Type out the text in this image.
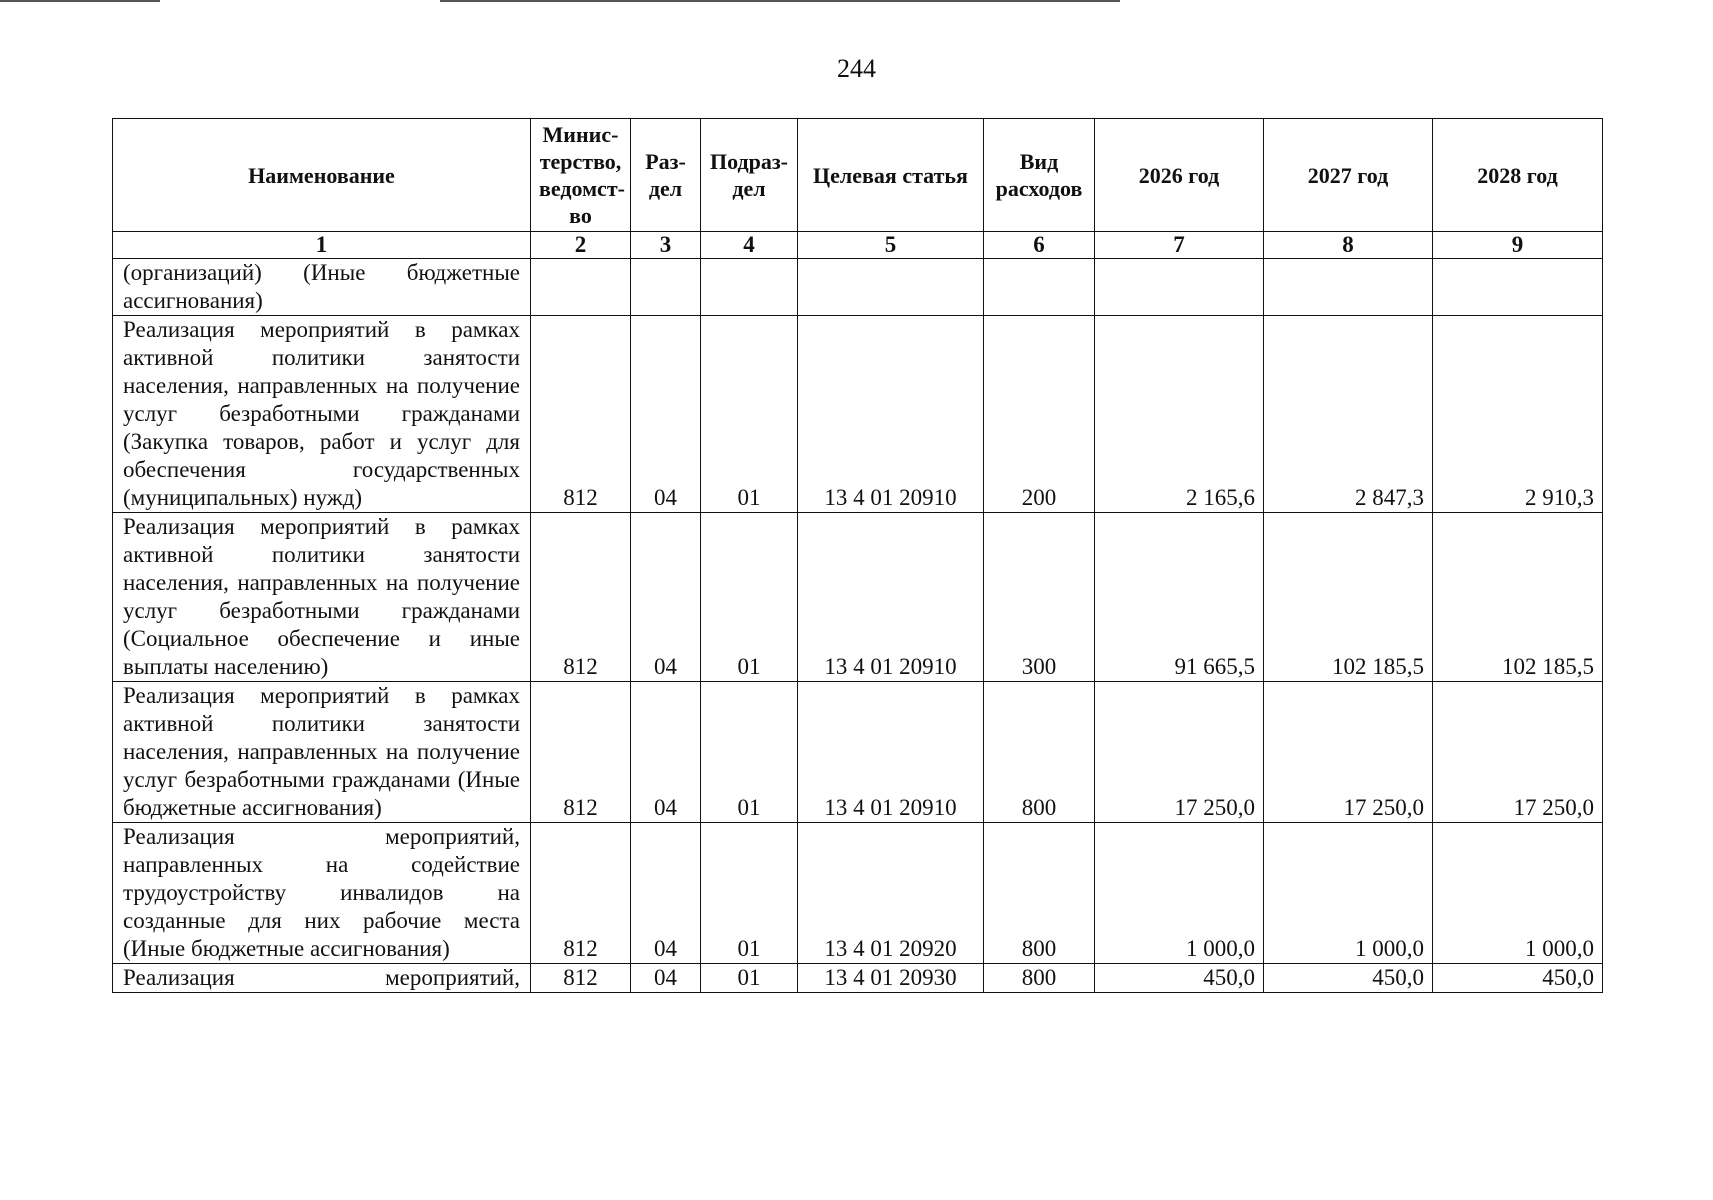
244
Наименование	Минис-терство, ведомст-во	Раз-дел	Подраз-дел	Целевая статья	Вид расходов	2026 год	2027 год	2028 год
1	2	3	4	5	6	7	8	9
(организаций) (Иные бюджетные ассигнования)								
Реализация мероприятий в рамках активной политики занятости населения, направленных на получение услуг безработными гражданами (Закупка товаров, работ и услуг для обеспечения государственных (муниципальных) нужд)	812	04	01	13 4 01 20910	200	2 165,6	2 847,3	2 910,3
Реализация мероприятий в рамках активной политики занятости населения, направленных на получение услуг безработными гражданами (Социальное обеспечение и иные выплаты населению)	812	04	01	13 4 01 20910	300	91 665,5	102 185,5	102 185,5
Реализация мероприятий в рамках активной политики занятости населения, направленных на получение услуг безработными гражданами (Иные бюджетные ассигнования)	812	04	01	13 4 01 20910	800	17 250,0	17 250,0	17 250,0
Реализация мероприятий, направленных на содействие трудоустройству инвалидов на созданные для них рабочие места (Иные бюджетные ассигнования)	812	04	01	13 4 01 20920	800	1 000,0	1 000,0	1 000,0
Реализация мероприятий,	812	04	01	13 4 01 20930	800	450,0	450,0	450,0
